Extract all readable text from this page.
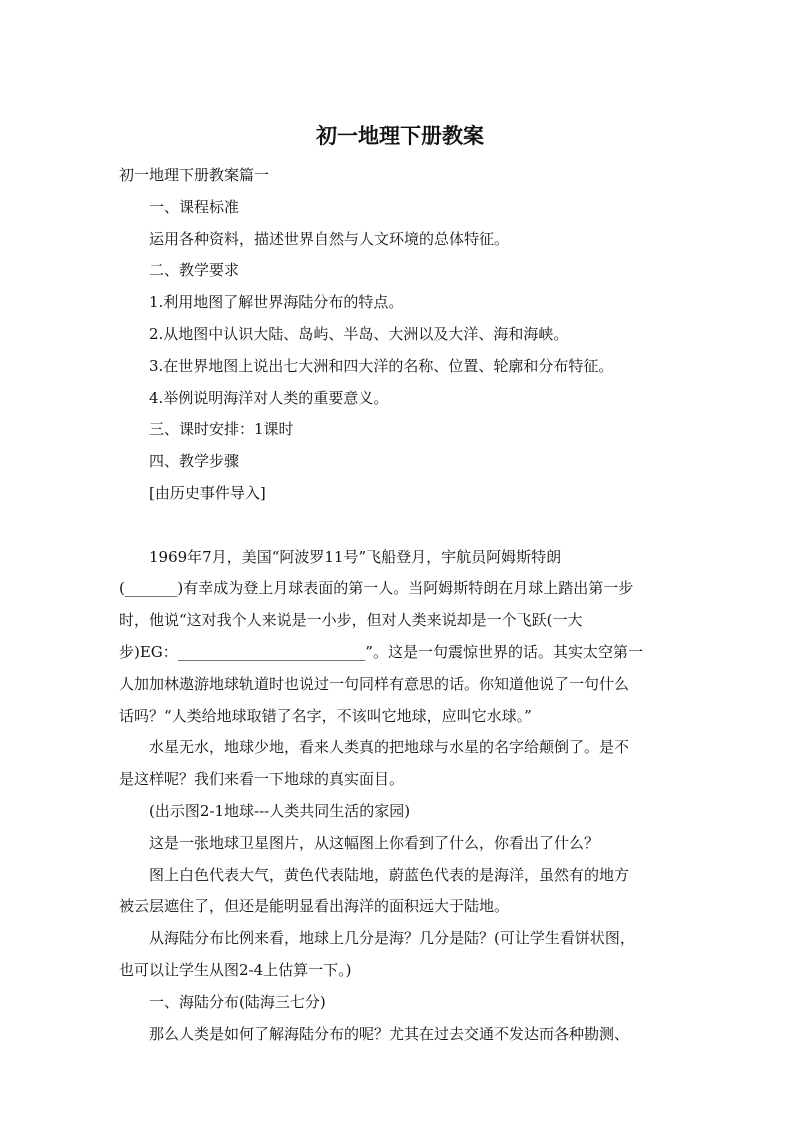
初一地理下册教案
初一地理下册教案篇一
一、课程标准
运用各种资料，描述世界自然与人文环境的总体特征。
二、教学要求
1.利用地图了解世界海陆分布的特点。
2.从地图中认识大陆、岛屿、半岛、大洲以及大洋、海和海峡。
3.在世界地图上说出七大洲和四大洋的名称、位置、轮廓和分布特征。
4.举例说明海洋对人类的重要意义。
三、课时安排：1课时
四、教学步骤
[由历史事件导入]
1969年7月，美国“阿波罗11号”飞船登月，宇航员阿姆斯特朗
(_______)有幸成为登上月球表面的第一人。当阿姆斯特朗在月球上踏出第一步
时，他说“这对我个人来说是一小步，但对人类来说却是一个飞跃(一大
步)EG：_________________________”。这是一句震惊世界的话。其实太空第一
人加加林遨游地球轨道时也说过一句同样有意思的话。你知道他说了一句什么
话吗？“人类给地球取错了名字，不该叫它地球，应叫它水球。”
水星无水，地球少地，看来人类真的把地球与水星的名字给颠倒了。是不
是这样呢？我们来看一下地球的真实面目。
(出示图2-1地球---人类共同生活的家园)
这是一张地球卫星图片，从这幅图上你看到了什么，你看出了什么？
图上白色代表大气，黄色代表陆地，蔚蓝色代表的是海洋，虽然有的地方
被云层遮住了，但还是能明显看出海洋的面积远大于陆地。
从海陆分布比例来看，地球上几分是海？几分是陆？(可让学生看饼状图，
也可以让学生从图2-4上估算一下。)
一、海陆分布(陆海三七分)
那么人类是如何了解海陆分布的呢？尤其在过去交通不发达而各种勘测、
